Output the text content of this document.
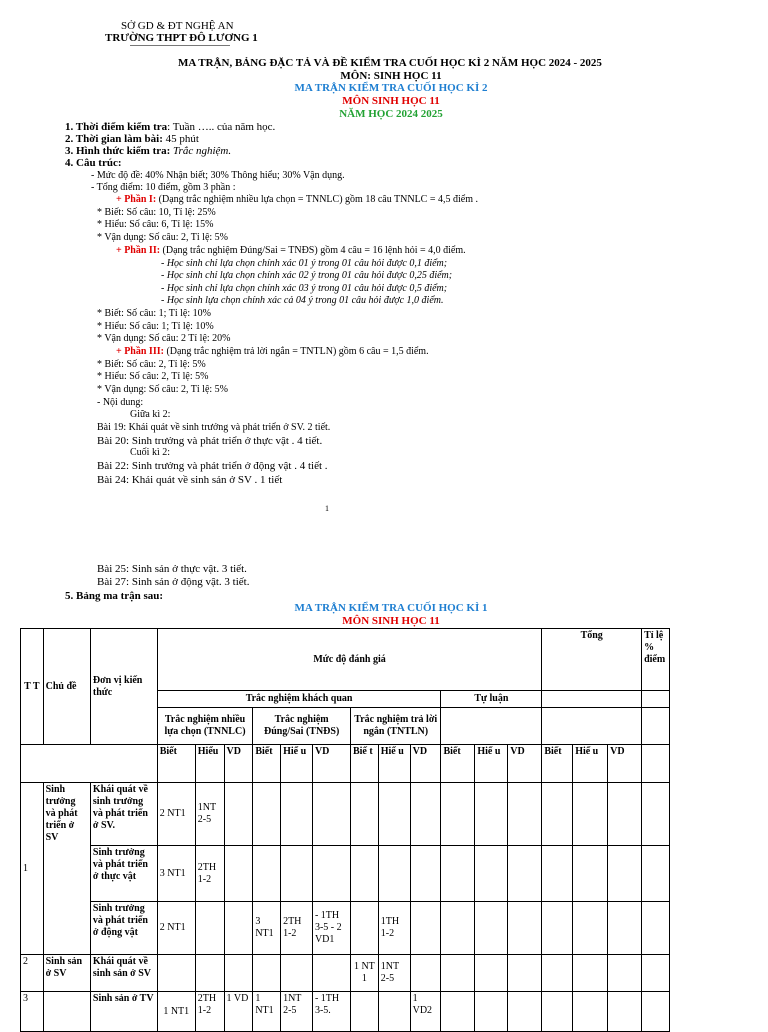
SỞ GD & ĐT NGHỆ AN
TRƯỜNG THPT ĐÔ LƯƠNG 1
MA TRẬN, BẢNG ĐẶC TẢ VÀ ĐỀ KIỂM TRA CUỐI HỌC KÌ 2 NĂM HỌC 2024 - 2025
MÔN: SINH HỌC 11
MA TRẬN KIỂM TRA CUỐI HỌC KÌ 2
MÔN SINH HỌC 11
NĂM HỌC 2024 2025
1. Thời điểm kiểm tra: Tuần ….. của năm học.
2. Thời gian làm bài: 45 phút
3. Hình thức kiểm tra: Trắc nghiệm.
4. Câu trúc:
- Mức độ đề: 40% Nhận biết; 30% Thông hiểu; 30% Vận dụng.
- Tổng điểm: 10 điểm, gồm 3 phần :
+ Phần I: (Dạng trắc nghiệm nhiều lựa chọn = TNNLC) gồm 18 câu TNNLC = 4,5 điểm .
* Biết: Số câu: 10, Tỉ lệ: 25%
* Hiểu: Số câu: 6, Tỉ lệ: 15%
* Vận dụng: Số câu: 2, Tỉ lệ: 5%
+ Phần II: (Dạng trắc nghiệm Đúng/Sai = TNĐS) gồm 4 câu = 16 lệnh hỏi = 4,0 điểm.
- Học sinh chỉ lựa chọn chính xác 01 ý trong 01 câu hỏi được 0,1 điểm;
- Học sinh chỉ lựa chọn chính xác 02 ý trong 01 câu hỏi được 0,25 điểm;
- Học sinh chỉ lựa chọn chính xác 03 ý trong 01 câu hỏi được 0,5 điểm;
- Học sinh lựa chọn chính xác cả 04 ý trong 01 câu hỏi được 1,0 điểm.
* Biết: Số câu: 1; Tỉ lệ: 10%
* Hiểu: Số câu: 1; Tỉ lệ: 10%
* Vận dụng: Số câu: 2 Tỉ lệ: 20%
+ Phần III: (Dạng trắc nghiệm trả lời ngắn = TNTLN) gồm 6 câu = 1,5 điểm.
* Biết: Số câu: 2, Tỉ lệ: 5%
* Hiểu: Số câu: 2, Tỉ lệ: 5%
* Vận dụng: Số câu: 2, Tỉ lệ: 5%
- Nội dung:
Giữa kì 2:
Bài 19: Khái quát về sinh trưởng và phát triển ở SV. 2 tiết.
Bài 20: Sinh trưởng và phát triển ở thực vật . 4 tiết.
Cuối kì 2:
Bài 22: Sinh trưởng và phát triển ở động vật . 4 tiết .
Bài 24: Khái quát về sinh sản ở SV . 1 tiết
1
Bài 25: Sinh sản ở thực vật. 3 tiết.
Bài 27: Sinh sản ở động vật. 3 tiết.
5. Bảng ma trận sau:
MA TRẬN KIỂM TRA CUỐI HỌC KÌ 1
MÔN SINH HỌC 11
T T	Chủ đề	Đơn vị kiến thức	Mức độ đánh giá												Tổng			Tỉ lệ % điểm

			Trắc nghiệm khách quan									Tự luận						
			Trắc nghiệm nhiều lựa chọn (TNNLC)			Trắc nghiệm Đúng/Sai (TNĐS)			Trắc nghiệm trả lời ngắn (TNTLN)									
			Biết	Hiểu	VD	Biết	Hiể u	VD	Biế t	Hiể u	VD	Biết	Hiể u	VD	Biết	Hiể u	VD	
1	Sinh trưởng và phát triển ở SV	Khái quát về sinh trưởng và phát triển ở SV.	2 NT1	1NT 2-5														
		Sinh trưởng và phát triển ở thực vật	3 NT1	2TH 1-2														
		Sinh trưởng và phát triển ở động vật	2 NT1			3 NT1	2TH 1-2	- 1TH 3-5 - 2 VD1		1TH 1-2								
2	Sinh sản ở SV	Khái quát về sinh sản ở SV							1 NT 1	1NT 2-5								
3		Sinh sản ở TV	1 NT1	2TH 1-2	1 VD	1 NT1	1NT 2-5	- 1TH 3-5.			1 VD2							
